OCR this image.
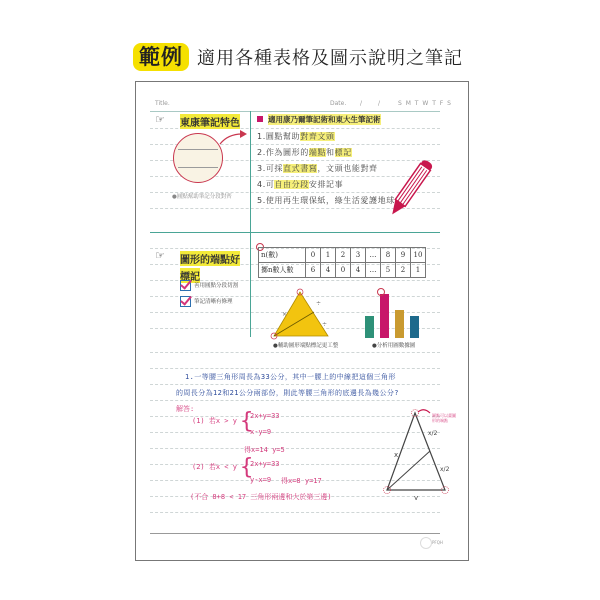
範例 適用各種表格及圖示說明之筆記
Title.	Date. /	/	S M T W T F S
☞ 東康筆記特色
●圓點幫助筆記分段對齊
適用康乃爾筆記術和東大生筆記術
1.圓點幫助對齊文頭
2.作為圖形的端點和標記
3.可採直式書寫，文頭也能對齊
4.可自由分段安排記事
5.使用再生環保紙，綠生活愛護地球
☞ 圖形的端點好
標記
善用圓點分段切割
筆記清晰有條理
n(數)	0	1	2	3	…	8	9	10
擲n數人數	6	4	0	4	…	5	2	1
×
÷
÷
●輔助圖形端點標記更工整	●分析用圖數據圖
1.一等腰三角形周長為33公分，其中一腰上的中線把這個三角形
的周長分為12和21公分兩部份，則此等腰三角形的底邊長為幾公分?
解答:
(1) 若x > y {
2x+y=33
x-y=9
得x=14 y=5
(2) 若x < y {
2x+y=33
y-x=9 得x=8 y=17
(不合 8+8 < 17 三角形兩邊和大於第三邊)
x
x/2
x/2
y
圓點可以畫圖形的端點
PFQH
